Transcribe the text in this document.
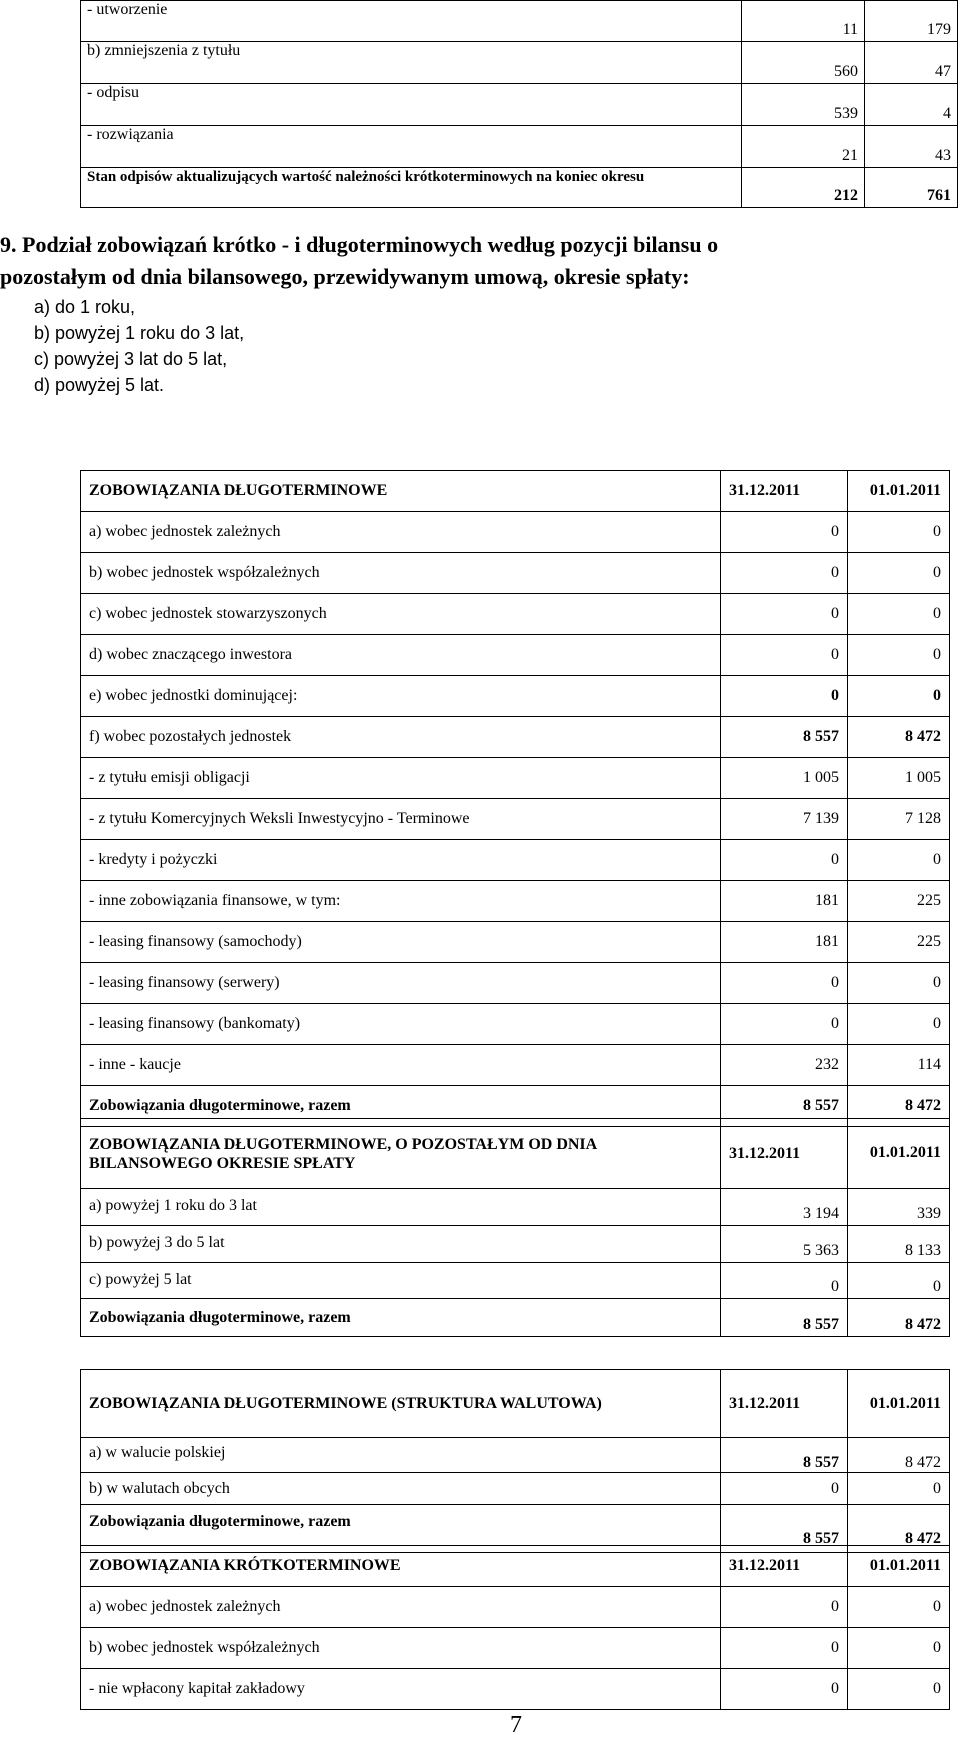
- utworzenie	11	179
b) zmniejszenia z tytułu	560	47
- odpisu	539	4
- rozwiązania	21	43
Stan odpisów aktualizujących wartość należności krótkoterminowych na koniec okresu	212	761
9. Podział zobowiązań krótko - i długoterminowych według pozycji bilansu o
pozostałym od dnia bilansowego, przewidywanym umową, okresie spłaty:
a) do 1 roku,
b) powyżej 1 roku do 3 lat,
c) powyżej 3 lat do 5 lat,
d) powyżej 5 lat.
ZOBOWIĄZANIA DŁUGOTERMINOWE	31.12.2011	01.01.2011
a) wobec jednostek zależnych	0	0
b) wobec jednostek współzależnych	0	0
c) wobec jednostek stowarzyszonych	0	0
d) wobec znaczącego inwestora	0	0
e) wobec jednostki dominującej:	0	0
f) wobec pozostałych jednostek	8 557	8 472
- z tytułu emisji obligacji	1 005	1 005
- z tytułu Komercyjnych Weksli Inwestycyjno - Terminowe	7 139	7 128
- kredyty i pożyczki	0	0
- inne zobowiązania finansowe, w tym:	181	225
- leasing finansowy (samochody)	181	225
- leasing finansowy (serwery)	0	0
- leasing finansowy (bankomaty)	0	0
- inne - kaucje	232	114
Zobowiązania długoterminowe, razem	8 557	8 472
ZOBOWIĄZANIA DŁUGOTERMINOWE, O POZOSTAŁYM OD DNIA BILANSOWEGO OKRESIE SPŁATY	31.12.2011	01.01.2011
a) powyżej 1 roku do 3 lat	3 194	339
b) powyżej 3 do 5 lat	5 363	8 133
c) powyżej 5 lat	0	0
Zobowiązania długoterminowe, razem	8 557	8 472
ZOBOWIĄZANIA DŁUGOTERMINOWE (STRUKTURA WALUTOWA)	31.12.2011	01.01.2011
a) w walucie polskiej	8 557	8 472
b) w walutach obcych	0	0
Zobowiązania długoterminowe, razem	8 557	8 472
ZOBOWIĄZANIA KRÓTKOTERMINOWE	31.12.2011	01.01.2011
a) wobec jednostek zależnych	0	0
b) wobec jednostek współzależnych	0	0
- nie wpłacony kapitał zakładowy	0	0
7
